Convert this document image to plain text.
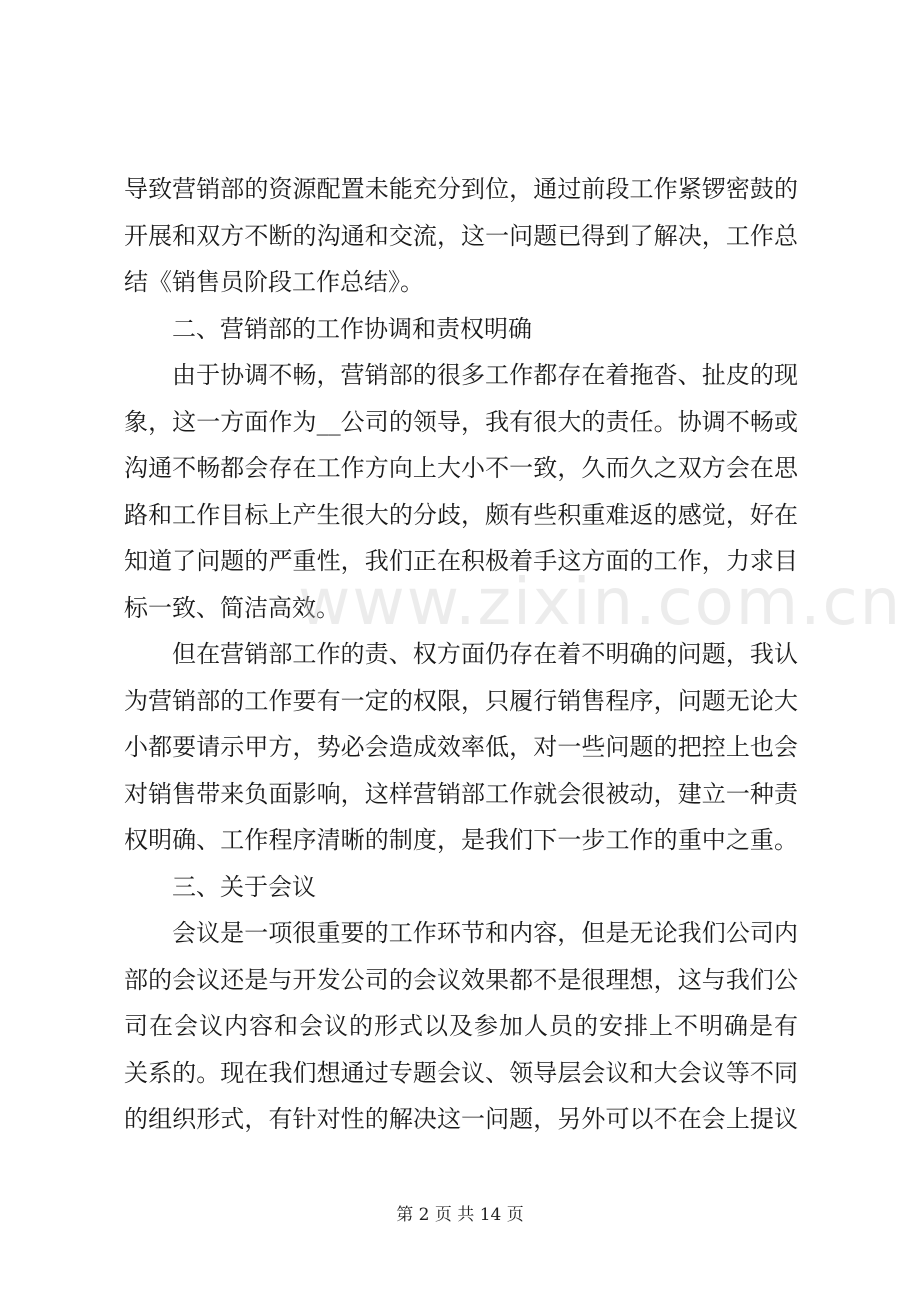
导致营销部的资源配置未能充分到位，通过前段工作紧锣密鼓的
开展和双方不断的沟通和交流，这一问题已得到了解决，工作总
结《销售员阶段工作总结》。
二、营销部的工作协调和责权明确
由于协调不畅，营销部的很多工作都存在着拖沓、扯皮的现
象，这一方面作为__公司的领导，我有很大的责任。协调不畅或
沟通不畅都会存在工作方向上大小不一致，久而久之双方会在思
路和工作目标上产生很大的分歧，颇有些积重难返的感觉，好在
知道了问题的严重性，我们正在积极着手这方面的工作，力求目
标一致、简洁高效。
但在营销部工作的责、权方面仍存在着不明确的问题，我认
为营销部的工作要有一定的权限，只履行销售程序，问题无论大
小都要请示甲方，势必会造成效率低，对一些问题的把控上也会
对销售带来负面影响，这样营销部工作就会很被动，建立一种责
权明确、工作程序清晰的制度，是我们下一步工作的重中之重。
三、关于会议
会议是一项很重要的工作环节和内容，但是无论我们公司内
部的会议还是与开发公司的会议效果都不是很理想，这与我们公
司在会议内容和会议的形式以及参加人员的安排上不明确是有
关系的。现在我们想通过专题会议、领导层会议和大会议等不同
的组织形式，有针对性的解决这一问题，另外可以不在会上提议
www.zixin.com.cn
第 2 页 共 14 页
